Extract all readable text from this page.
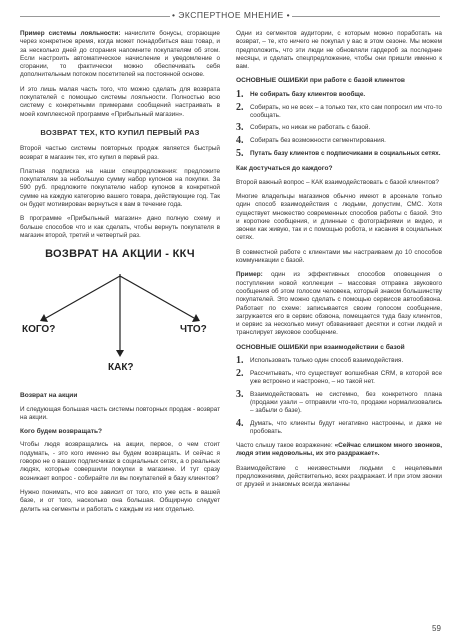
• ЭКСПЕРТНОЕ МНЕНИЕ •

Пример системы лояльности: начислите бонусы, сгорающие через конкретное время, когда может понадобиться ваш товар, и за несколько дней до сгорания напомните покупателям об этом. Если настроить автоматическое начисление и уведомление о сгорании, то фактически можно обеспечивать себя дополнительным потоком посетителей на постоянной основе.

И это лишь малая часть того, что можно сделать для возврата покупателей с помощью системы лояльности. Полностью всю систему с конкретными примерами сообщений настраивать в моей комплексной программе «Прибыльный магазин».

ВОЗВРАТ ТЕХ, КТО КУПИЛ ПЕРВЫЙ РАЗ

Второй частью системы повторных продаж является быстрый возврат в магазин тех, кто купил в первый раз.

Платная подписка на наши спецпредложения: предложите покупателям за небольшую сумму набор купонов на покупки. За 590 руб. предложите покупателю набор купонов в конкретной сумме на каждую категорию вашего товара, действующие год. Так он будет мотивирован вернуться к вам в течение года.

В программе «Прибыльный магазин» дано полную схему и больше способов что и как сделать, чтобы вернуть покупателя в магазин второй, третий и четвертый раз.

ВОЗВРАТ НА АКЦИИ - ККЧ
КОГО?	ЧТО?
КАК?
Возврат на акции

И следующая большая часть системы повторных продаж - возврат на акции.

Кого будем возвращать?

Чтобы людя возвращались на акции, первое, о чем стоит подумать, - это кого именно вы будем возвращать. И сейчас я говорю не о ваших подписчиках в социальных сетях, а о реальных людях, которые совершили покупки в магазине. И тут сразу возникает вопрос - собирайте ли вы покупателей в базу клиентов?

Нужно понимать, что все зависит от того, кто уже есть в вашей базе, и от того, насколько она большая. Общирную следует делить на сегменты и работать с каждым из них отдельно.

Одни из сегментов аудитории, с которым можно поработать на возврат, – те, кто ничего не покупал у вас в этом сезоне. Мы можем предположить, что эти люди не обновляли гардероб за последние месяцы, и сделать спецпредложение, чтобы они пришли именно к вам.

ОСНОВНЫЕ ОШИБКИ при работе с базой клиентов
1.	Не собирать базу клиентов вообще.
2.	Собирать, но не всех – а только тех, кто сам попросил им что-то сообщать.
3.	Собирать, но никак не работать с базой.
4.	Собирать без возможности сегментирования.
5.	Путать базу клиентов с подписчиками в социальных сетях.
Как достучаться до каждого?

Второй важный вопрос – КАК взаимодействовать с базой клиентов?

Многие владельцы магазинов обычно имеют в арсенале только один способ взаимодействия с людьми, допустим, СМС. Хотя существует множество современных способов работы с базой. Это и короткие сообщения, и длинные с фотографиями и видео, и звонки как живую, так и с помощью робота, и касания в социальных сетях.

В совместной работе с клиентами мы настраиваем до 10 способов коммуникации с базой.

Пример: один из эффективных способов оповещения о поступлении новой коллекции – массовая отправка звукового сообщения об этом голосом человека, который знаком большинству покупателей. Это можно сделать с помощью сервисов автообзвона. Работает по схеме: записывается своим голосом сообщение, загружается его в сервис обзвона, помещается туда базу клиентов, и сервис за несколько минут обзванивает десятки и сотни людей и транслирует звуковое сообщение.

ОСНОВНЫЕ ОШИБКИ при взаимодействии с базой
1.	Использовать только один способ взаимодействия.
2.	Рассчитывать, что существует волшебная CRM, в которой все уже встроено и настроено, – но такой нет.
3.	Взаимодействовать не системно, без конкретного плана (продажи узали – отправили что-то, продажи нормализовались – забыли о базе).
4.	Думать, что клиенты будут негативно настроены, и даже не пробовать.

Часто слышу такое возражение: «Сейчас слишком много звонков, людя этим недовольны, их это раздражает».

Взаимодействие с неизвестными людьми с нецелевыми предложениями, действительно, всех раздражает. И при этом звонки от друзей и знакомых всегда желанны

59
